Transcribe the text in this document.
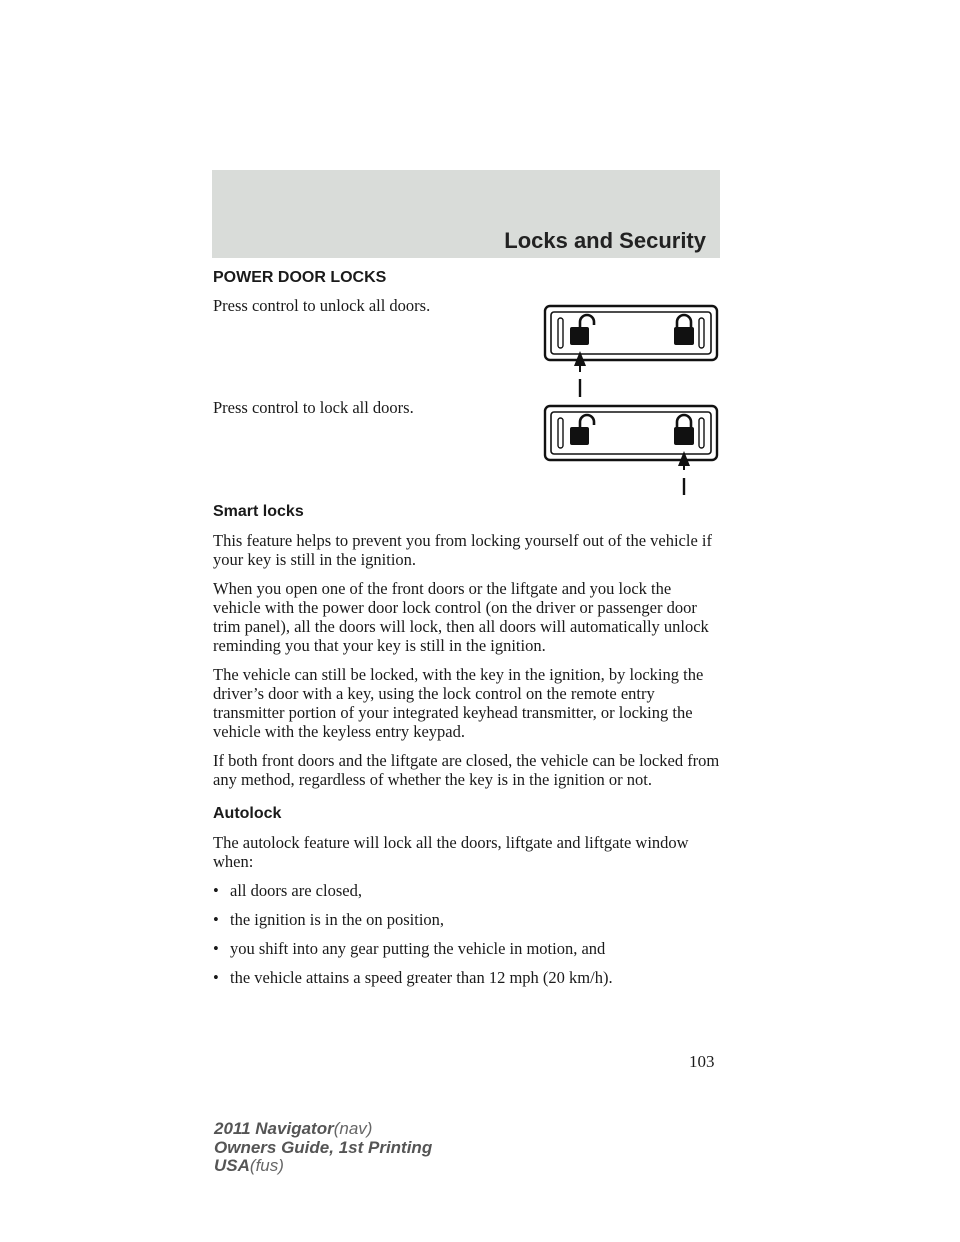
Locks and Security
POWER DOOR LOCKS

Press control to unlock all doors.

Press control to lock all doors.

Smart locks

This feature helps to prevent you from locking yourself out of the vehicle if your key is still in the ignition.

When you open one of the front doors or the liftgate and you lock the vehicle with the power door lock control (on the driver or passenger door trim panel), all the doors will lock, then all doors will automatically unlock reminding you that your key is still in the ignition.

The vehicle can still be locked, with the key in the ignition, by locking the driver’s door with a key, using the lock control on the remote entry transmitter portion of your integrated keyhead transmitter, or locking the vehicle with the keyless entry keypad.

If both front doors and the liftgate are closed, the vehicle can be locked from any method, regardless of whether the key is in the ignition or not.

Autolock

The autolock feature will lock all the doors, liftgate and liftgate window when:

• all doors are closed,
• the ignition is in the on position,
• you shift into any gear putting the vehicle in motion, and
• the vehicle attains a speed greater than 12 mph (20 km/h).
103
2011 Navigator(nav)
Owners Guide, 1st Printing
USA(fus)
